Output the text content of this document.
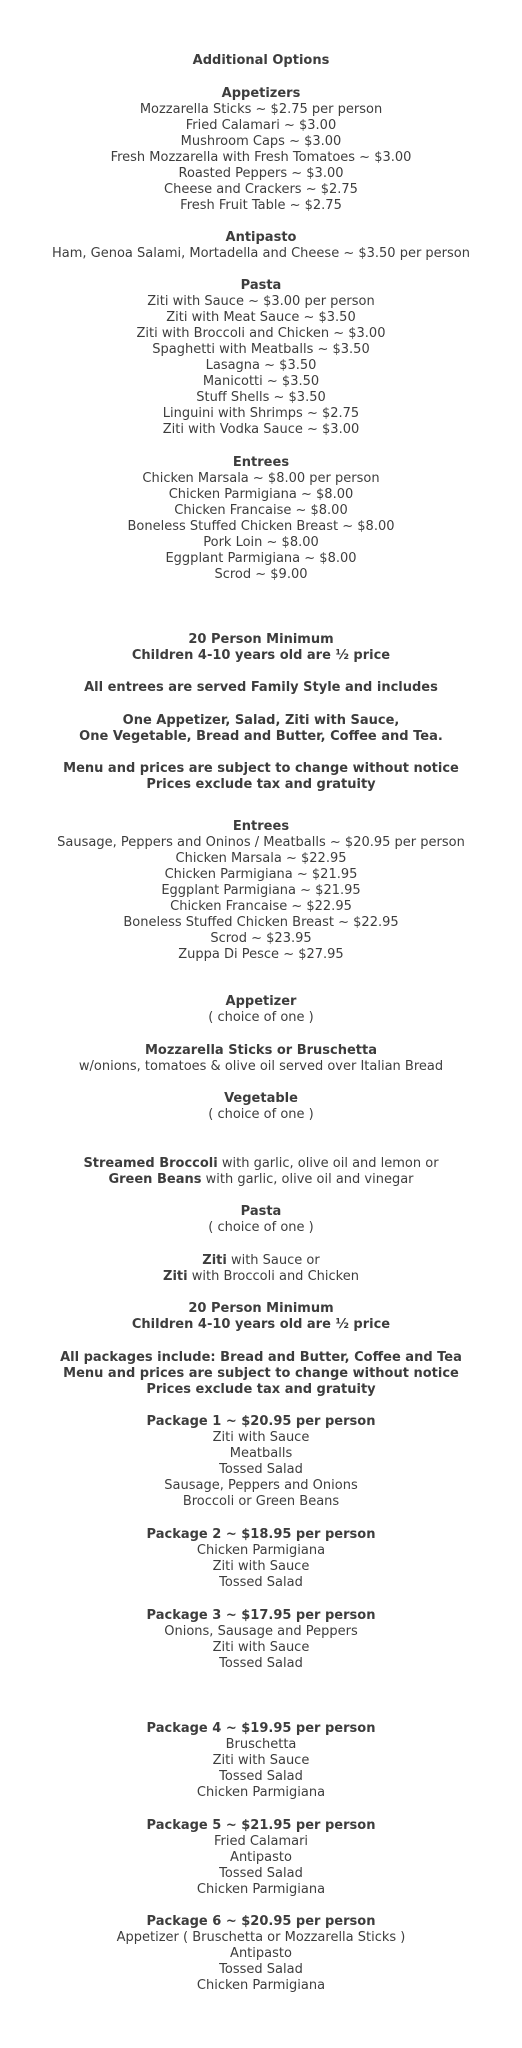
Additional Options
Appetizers
Mozzarella Sticks ~ $2.75 per person
Fried Calamari ~ $3.00
Mushroom Caps ~ $3.00
Fresh Mozzarella with Fresh Tomatoes ~ $3.00
Roasted Peppers ~ $3.00
Cheese and Crackers ~ $2.75
Fresh Fruit Table ~ $2.75
Antipasto
Ham, Genoa Salami, Mortadella and Cheese ~ $3.50 per person
Pasta
Ziti with Sauce ~ $3.00 per person
Ziti with Meat Sauce ~ $3.50
Ziti with Broccoli and Chicken ~ $3.00
Spaghetti with Meatballs ~ $3.50
Lasagna ~ $3.50
Manicotti ~ $3.50
Stuff Shells ~ $3.50
Linguini with Shrimps ~ $2.75
Ziti with Vodka Sauce ~ $3.00
Entrees
Chicken Marsala ~ $8.00 per person
Chicken Parmigiana ~ $8.00
Chicken Francaise ~ $8.00
Boneless Stuffed Chicken Breast ~ $8.00
Pork Loin ~ $8.00
Eggplant Parmigiana ~ $8.00
Scrod ~ $9.00
20 Person Minimum
Children 4-10 years old are ½ price
All entrees are served Family Style and includes
One Appetizer, Salad, Ziti with Sauce,
One Vegetable, Bread and Butter, Coffee and Tea.
Menu and prices are subject to change without notice
Prices exclude tax and gratuity
Entrees
Sausage, Peppers and Oninos / Meatballs ~ $20.95 per person
Chicken Marsala ~ $22.95
Chicken Parmigiana ~ $21.95
Eggplant Parmigiana ~ $21.95
Chicken Francaise ~ $22.95
Boneless Stuffed Chicken Breast ~ $22.95
Scrod ~ $23.95
Zuppa Di Pesce ~ $27.95
Appetizer
( choice of one )
Mozzarella Sticks or Bruschetta
w/onions, tomatoes & olive oil served over Italian Bread
Vegetable
( choice of one )
Streamed Broccoli with garlic, olive oil and lemon or
Green Beans with garlic, olive oil and vinegar
Pasta
( choice of one )
Ziti with Sauce or
Ziti with Broccoli and Chicken
20 Person Minimum
Children 4-10 years old are ½ price
All packages include: Bread and Butter, Coffee and Tea
Menu and prices are subject to change without notice
Prices exclude tax and gratuity
Package 1 ~ $20.95 per person
Ziti with Sauce
Meatballs
Tossed Salad
Sausage, Peppers and Onions
Broccoli or Green Beans
Package 2 ~ $18.95 per person
Chicken Parmigiana
Ziti with Sauce
Tossed Salad
Package 3 ~ $17.95 per person
Onions, Sausage and Peppers
Ziti with Sauce
Tossed Salad
Package 4 ~ $19.95 per person
Bruschetta
Ziti with Sauce
Tossed Salad
Chicken Parmigiana
Package 5 ~ $21.95 per person
Fried Calamari
Antipasto
Tossed Salad
Chicken Parmigiana
Package 6 ~ $20.95 per person
Appetizer ( Bruschetta or Mozzarella Sticks )
Antipasto
Tossed Salad
Chicken Parmigiana
